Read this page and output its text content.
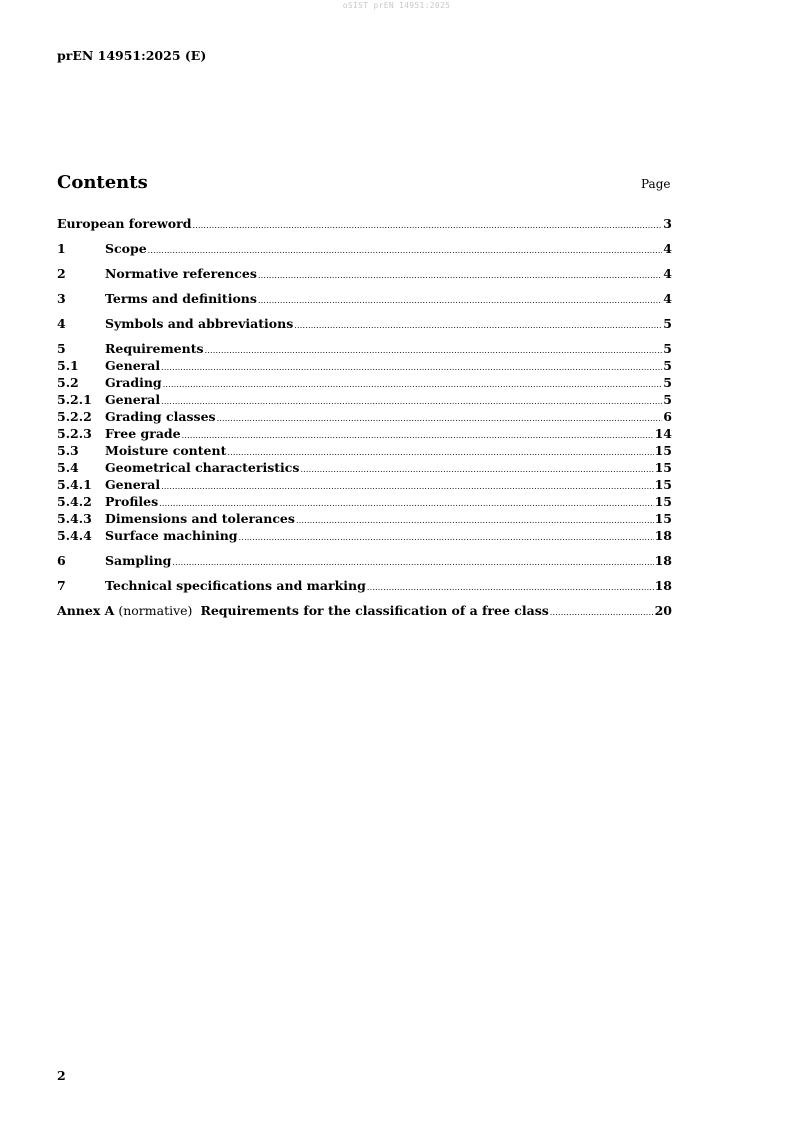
oSIST prEN 14951:2025
prEN 14951:2025 (E)
Contents	Page
European foreword .....	3
1	Scope .....	4
2	Normative references .....	4
3	Terms and definitions .....	4
4	Symbols and abbreviations .....	5
5	Requirements .....	5
5.1	General .....	5
5.2	Grading .....	5
5.2.1	General .....	5
5.2.2	Grading classes .....	6
5.2.3	Free grade .....	14
5.3	Moisture content .....	15
5.4	Geometrical characteristics .....	15
5.4.1	General .....	15
5.4.2	Profiles .....	15
5.4.3	Dimensions and tolerances .....	15
5.4.4	Surface machining .....	18
6	Sampling .....	18
7	Technical specifications and marking .....	18
Annex A (normative) Requirements for the classification of a free class .....	20
2
